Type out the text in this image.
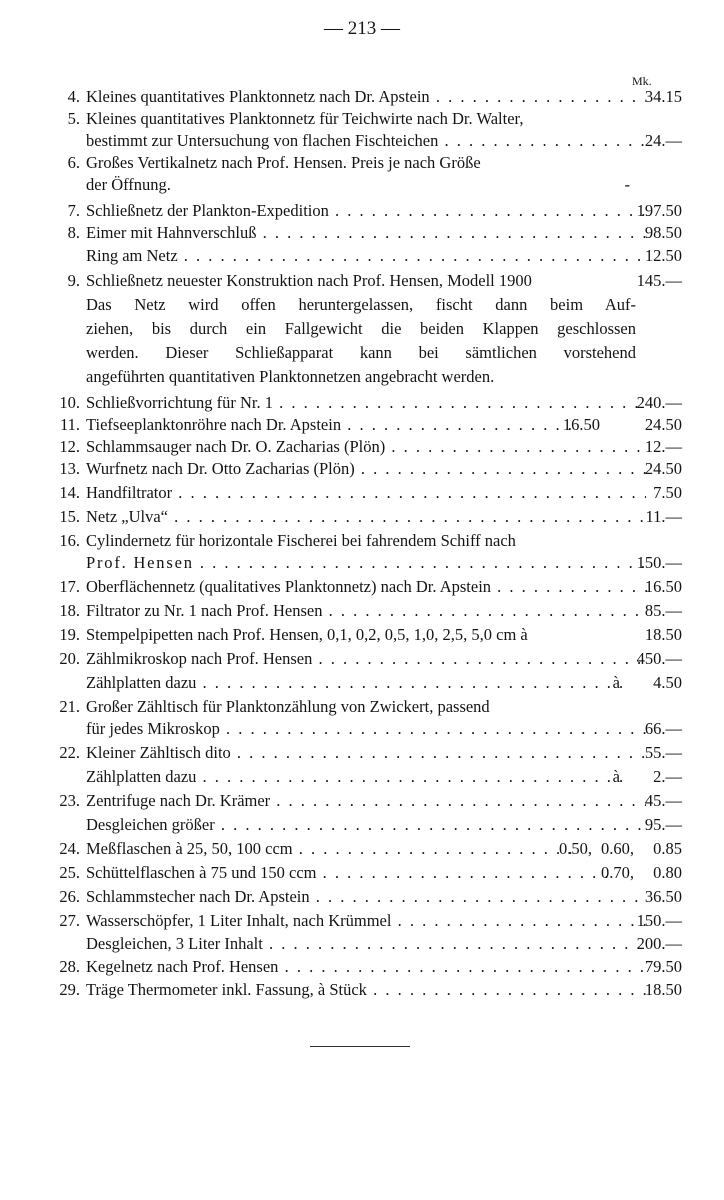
— 213 —
Mk.
4. Kleines quantitatives Planktonnetz nach Dr. Apstein . . .	34.15
5. Kleines quantitatives Planktonnetz für Teichwirte nach Dr. Walter,
bestimmt zur Untersuchung von flachen Fischteichen . . .	24.—
6. Großes Vertikalnetz nach Prof. Hensen. Preis je nach Größe
der Öffnung.	-
7. Schließnetz der Plankton-Expedition . . .	197.50
8. Eimer mit Hahnverschluß . . .	98.50
Ring am Netz . . .	12.50
9. Schließnetz neuester Konstruktion nach Prof. Hensen, Modell 1900	145.—
Das Netz wird offen heruntergelassen, fischt dann beim Auf-
ziehen, bis durch ein Fallgewicht die beiden Klappen geschlossen
werden. Dieser Schließapparat kann bei sämtlichen vorstehend
angeführten quantitativen Planktonnetzen angebracht werden.
10. Schließvorrichtung für Nr. 1 . . .	240.—
11. Tiefseeplanktonröhre nach Dr. Apstein . . .	16.50	24.50
12. Schlammsauger nach Dr. O. Zacharias (Plön) . . .	12.—
13. Wurfnetz nach Dr. Otto Zacharias (Plön) . . .	24.50
14. Handfiltrator . . .	7.50
15. Netz „Ulva“ . . .	11.—
16. Cylindernetz für horizontale Fischerei bei fahrendem Schiff nach
Prof. Hensen . . .	150.—
17. Oberflächennetz (qualitatives Planktonnetz) nach Dr. Apstein . . .	16.50
18. Filtrator zu Nr. 1 nach Prof. Hensen . . .	85.—
19. Stempelpipetten nach Prof. Hensen, 0,1, 0,2, 0,5, 1,0, 2,5, 5,0 cm à	18.50
20. Zählmikroskop nach Prof. Hensen . . .	450.—
Zählplatten dazu . . .	à 4.50
21. Großer Zähltisch für Planktonzählung von Zwickert, passend
für jedes Mikroskop . . .	66.—
22. Kleiner Zähltisch dito . . .	55.—
Zählplatten dazu . . .	à 2.—
23. Zentrifuge nach Dr. Krämer . . .	45.—
Desgleichen größer . . .	95.—
24. Meßflaschen à 25, 50, 100 ccm . . .	0.50, 0.60, 0.85
25. Schüttelflaschen à 75 und 150 ccm . . .	0.70, 0.80
26. Schlammstecher nach Dr. Apstein . . .	36.50
27. Wasserschöpfer, 1 Liter Inhalt, nach Krümmel . . .	150.—
Desgleichen, 3 Liter Inhalt . . .	200.—
28. Kegelnetz nach Prof. Hensen . . .	79.50
29. Träge Thermometer inkl. Fassung, à Stück . . .	18.50
